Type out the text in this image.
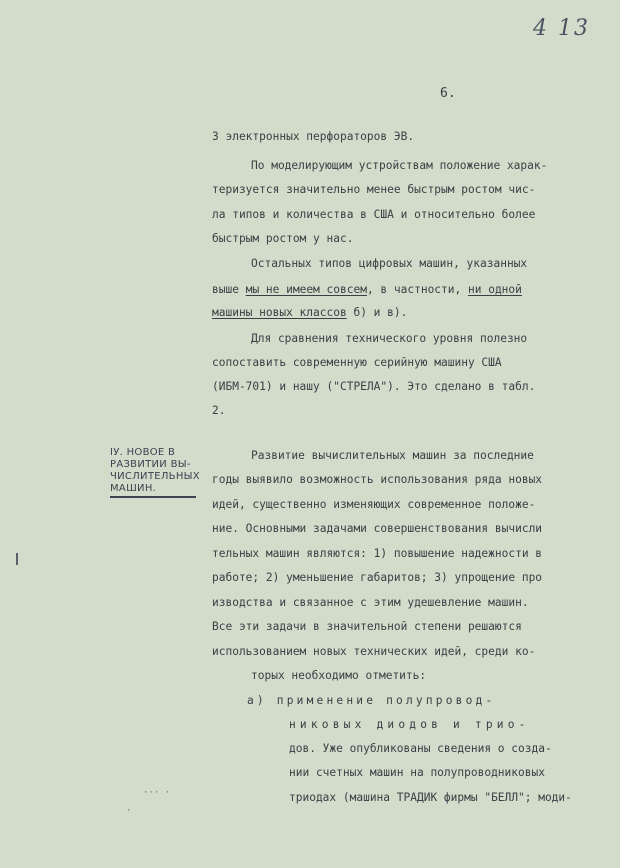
4 13
6.
3 электронных перфораторов ЭВ.
По моделирующим устройствам положение харак-
теризуется значительно менее быстрым ростом чис-
ла типов и количества в США и относительно более
быстрым ростом у нас.
Остальных типов цифровых машин, указанных
выше мы не имеем совсем, в частности, ни одной
машины новых классов б) и в).
Для сравнения технического уровня полезно
сопоставить современную серийную машину США
(ИБМ-701) и нашу ("СТРЕЛА"). Это сделано в табл.
2.
IУ. НОВОЕ В
РАЗВИТИИ ВЫ-
ЧИСЛИТЕЛЬНЫХ
МАШИН.
Развитие вычислительных машин за последние
годы выявило возможность использования ряда новых
идей, существенно изменяющих современное положе-
ние. Основными задачами совершенствования вычисли
тельных машин являются: 1) повышение надежности в
работе; 2) уменьшение габаритов; 3) упрощение про
изводства и связанное с этим удешевление машин.
Все эти задачи в значительной степени решаются
использованием новых технических идей, среди ко-
торых необходимо отметить:
а) применение полупровод-
никовых диодов и трио-
дов. Уже опубликованы сведения о созда-
нии счетных машин на полупроводниковых
триодах (машина ТРАДИК фирмы "БЕЛЛ"; моди-
··· ·
·
